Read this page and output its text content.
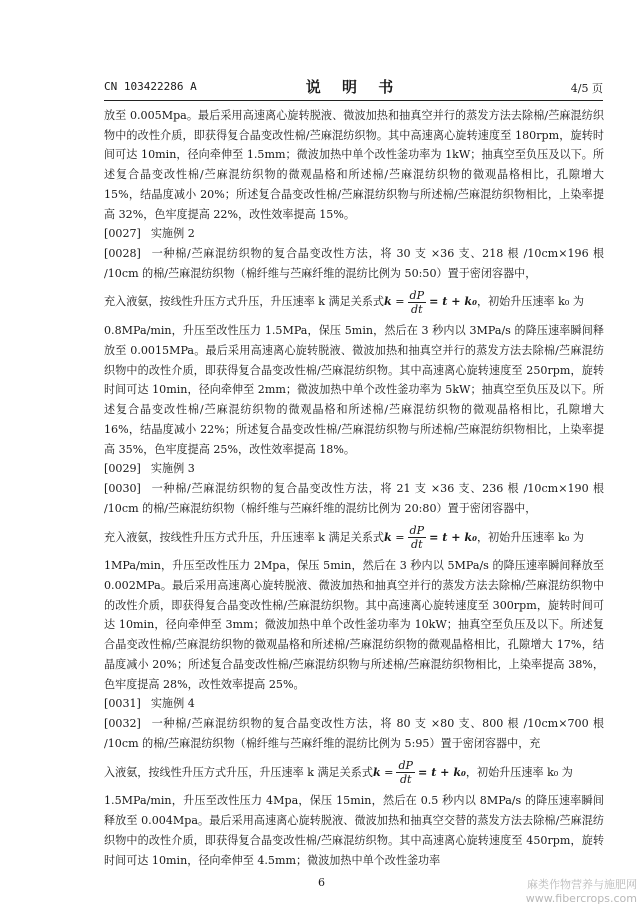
CN 103422286 A	说 明 书	4/5 页

放至 0.005Mpa。最后采用高速离心旋转脱液、微波加热和抽真空并行的蒸发方法去除棉/苎麻混纺织物中的改性介质，即获得复合晶变改性棉/苎麻混纺织物。其中高速离心旋转速度至 180rpm，旋转时间可达 10min，径向牵伸至 1.5mm；微波加热中单个改性釜功率为 1kW；抽真空至负压及以下。所述复合晶变改性棉/苎麻混纺织物的微观晶格和所述棉/苎麻混纺织物的微观晶格相比，孔隙增大 15%，结晶度减小 20%；所述复合晶变改性棉/苎麻混纺织物与所述棉/苎麻混纺织物相比，上染率提高 32%，色牢度提高 22%，改性效率提高 15%。

[0027] 实施例 2

[0028] 一种棉/苎麻混纺织物的复合晶变改性方法，将 30 支 ×36 支、218 根 /10cm×196 根 /10cm 的棉/苎麻混纺织物（棉纤维与苎麻纤维的混纺比例为 50:50）置于密闭容器中，

充入液氨，按线性升压方式升压，升压速率 k 满足关系式 $k = \frac{dP}{dt} = t + k_0$ ，初始升压速率 k₀ 为

0.8MPa/min，升压至改性压力 1.5MPa，保压 5min，然后在 3 秒内以 3MPa/s 的降压速率瞬间释放至 0.0015MPa。最后采用高速离心旋转脱液、微波加热和抽真空并行的蒸发方法去除棉/苎麻混纺织物中的改性介质，即获得复合晶变改性棉/苎麻混纺织物。其中高速离心旋转速度至 250rpm，旋转时间可达 10min，径向牵伸至 2mm；微波加热中单个改性釜功率为 5kW；抽真空至负压及以下。所述复合晶变改性棉/苎麻混纺织物的微观晶格和所述棉/苎麻混纺织物的微观晶格相比，孔隙增大 16%，结晶度减小 22%；所述复合晶变改性棉/苎麻混纺织物与所述棉/苎麻混纺织物相比，上染率提高 35%，色牢度提高 25%，改性效率提高 18%。

[0029] 实施例 3

[0030] 一种棉/苎麻混纺织物的复合晶变改性方法，将 21 支 ×36 支、236 根 /10cm×190 根 /10cm 的棉/苎麻混纺织物（棉纤维与苎麻纤维的混纺比例为 20:80）置于密闭容器中，

充入液氨，按线性升压方式升压，升压速率 k 满足关系式 $k = \frac{dP}{dt} = t + k_0$ ，初始升压速率 k₀ 为

1MPa/min，升压至改性压力 2Mpa，保压 5min，然后在 3 秒内以 5MPa/s 的降压速率瞬间释放至 0.002MPa。最后采用高速离心旋转脱液、微波加热和抽真空并行的蒸发方法去除棉/苎麻混纺织物中的改性介质，即获得复合晶变改性棉/苎麻混纺织物。其中高速离心旋转速度至 300rpm，旋转时间可达 10min，径向牵伸至 3mm；微波加热中单个改性釜功率为 10kW；抽真空至负压及以下。所述复合晶变改性棉/苎麻混纺织物的微观晶格和所述棉/苎麻混纺织物的微观晶格相比，孔隙增大 17%，结晶度减小 20%；所述复合晶变改性棉/苎麻混纺织物与所述棉/苎麻混纺织物相比，上染率提高 38%，色牢度提高 28%，改性效率提高 25%。

[0031] 实施例 4

[0032] 一种棉/苎麻混纺织物的复合晶变改性方法，将 80 支 ×80 支、800 根 /10cm×700 根 /10cm 的棉/苎麻混纺织物（棉纤维与苎麻纤维的混纺比例为 5:95）置于密闭容器中，充

入液氨，按线性升压方式升压，升压速率 k 满足关系式 $k = \frac{dP}{dt} = t + k_0$ ，初始升压速率 k₀ 为

1.5MPa/min，升压至改性压力 4Mpa，保压 15min，然后在 0.5 秒内以 8MPa/s 的降压速率瞬间释放至 0.004Mpa。最后采用高速离心旋转脱液、微波加热和抽真空交替的蒸发方法去除棉/苎麻混纺织物中的改性介质，即获得复合晶变改性棉/苎麻混纺织物。其中高速离心旋转速度至 450rpm，旋转时间可达 10min，径向牵伸至 4.5mm；微波加热中单个改性釜功率

6	麻类作物营养与施肥网
www.fibercrops.com
